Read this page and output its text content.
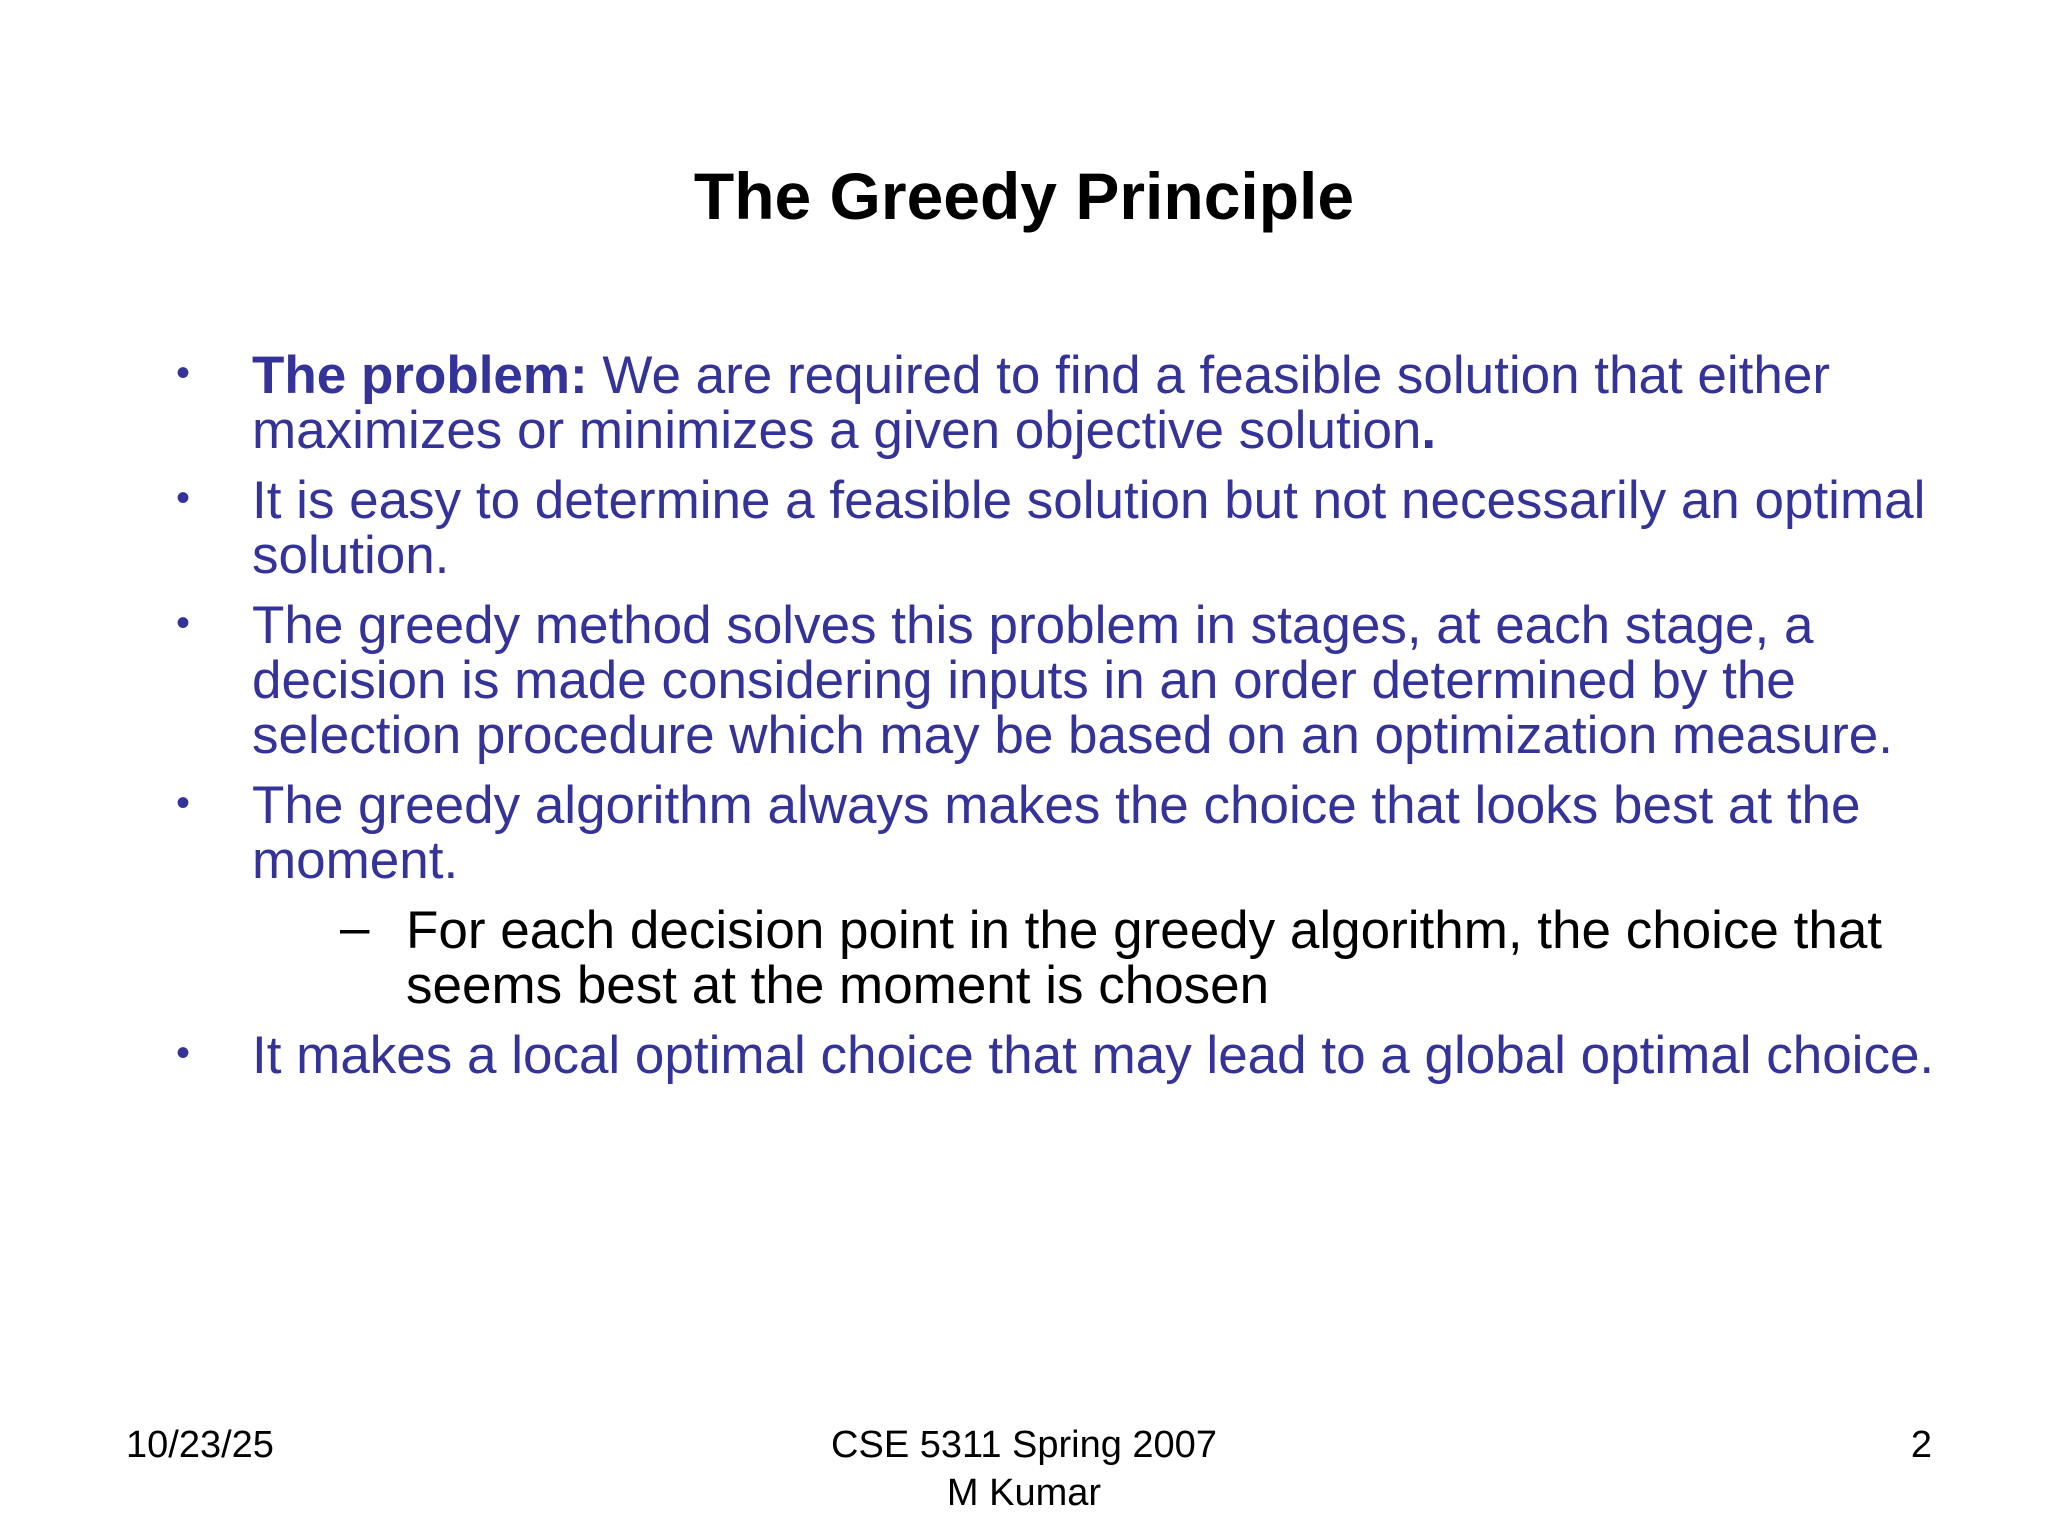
The Greedy Principle
• The problem: We are required to find a feasible solution that either maximizes or minimizes a given objective solution.
• It is easy to determine a feasible solution but not necessarily an optimal solution.
• The greedy method solves this problem in stages, at each stage, a decision is made considering inputs in an order determined by the selection procedure which may be based on an optimization measure.
• The greedy algorithm always makes the choice that looks best at the moment.
– For each decision point in the greedy algorithm, the choice that seems best at the moment is chosen
• It makes a local optimal choice that may lead to a global optimal choice.
10/23/25	CSE 5311 Spring 2007
M Kumar
2
